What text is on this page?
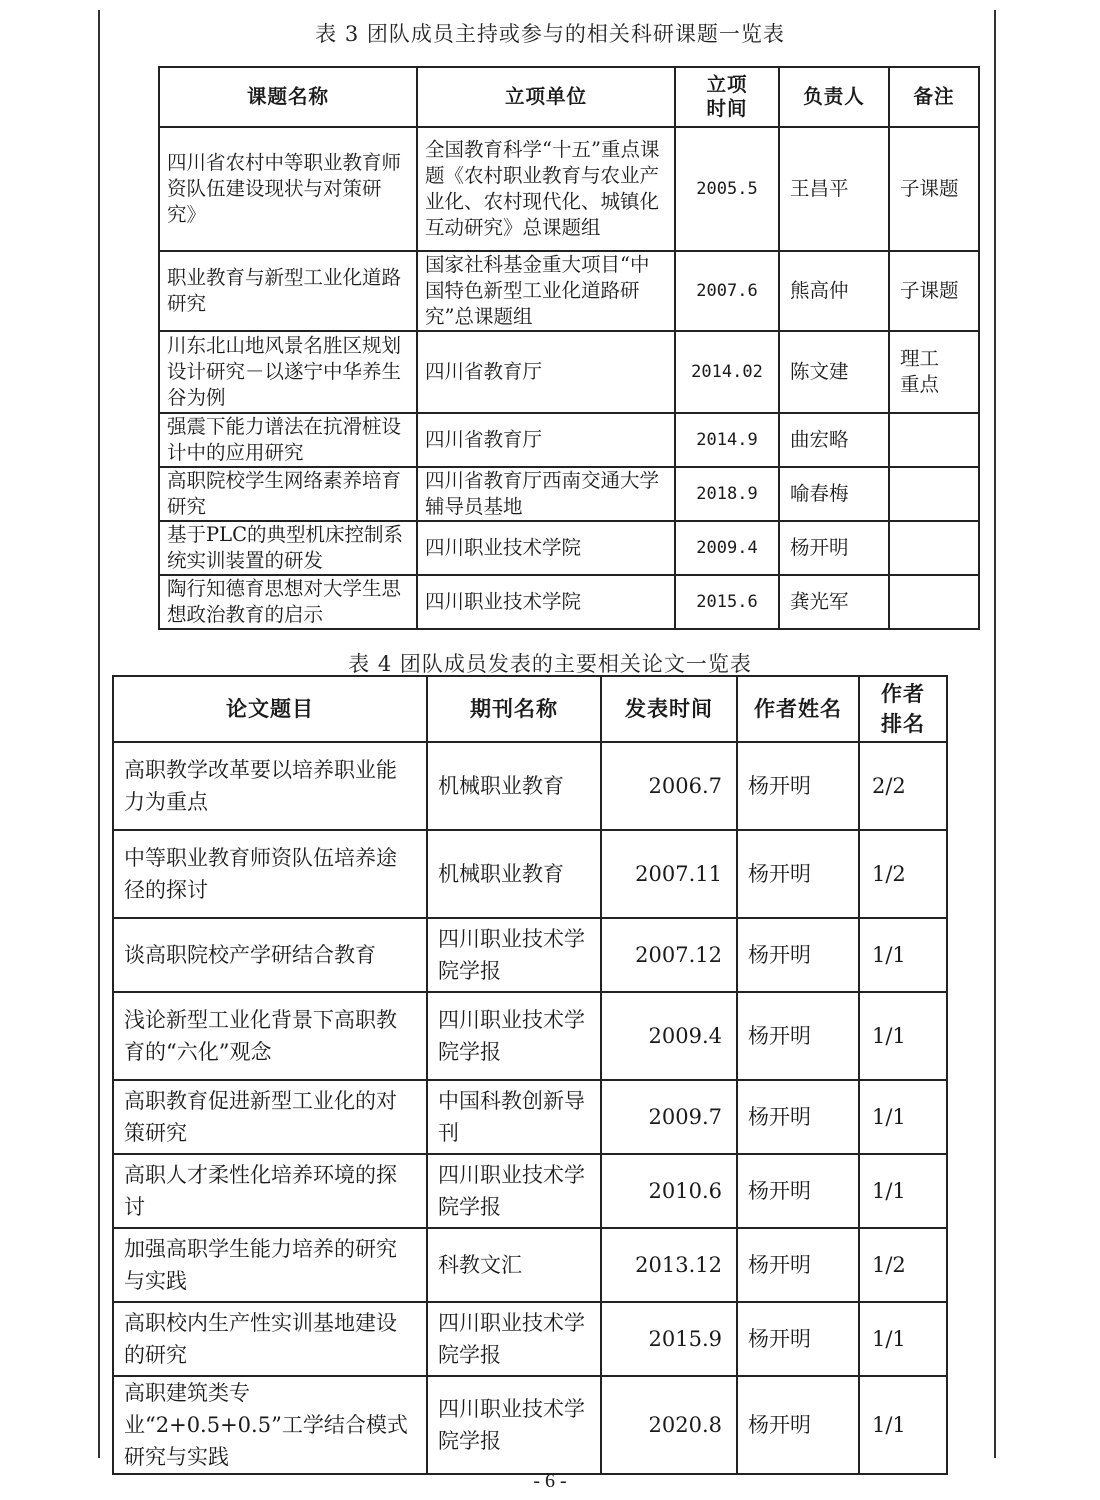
表 3 团队成员主持或参与的相关科研课题一览表
课题名称	立项单位	立项时间	负责人	备注
四川省农村中等职业教育师资队伍建设现状与对策研究》	全国教育科学“十五”重点课题《农村职业教育与农业产业化、农村现代化、城镇化互动研究》总课题组	2005.5	王昌平	子课题
职业教育与新型工业化道路研究	国家社科基金重大项目“中国特色新型工业化道路研究”总课题组	2007.6	熊高仲	子课题
川东北山地风景名胜区规划设计研究－以遂宁中华养生谷为例	四川省教育厅	2014.02	陈文建	理工重点

强震下能力谱法在抗滑桩设计中的应用研究	四川省教育厅	2014.9	曲宏略	
高职院校学生网络素养培育研究	四川省教育厅西南交通大学辅导员基地	2018.9	喻春梅	
基于PLC的典型机床控制系统实训装置的研发	四川职业技术学院	2009.4	杨开明	
陶行知德育思想对大学生思想政治教育的启示	四川职业技术学院	2015.6	龚光军	
表 4 团队成员发表的主要相关论文一览表
论文题目	期刊名称	发表时间	作者姓名	作者排名

高职教学改革要以培养职业能力为重点	机械职业教育	2006.7	杨开明	2/2
中等职业教育师资队伍培养途径的探讨	机械职业教育	2007.11	杨开明	1/2
谈高职院校产学研结合教育	四川职业技术学院学报	2007.12	杨开明	1/1
浅论新型工业化背景下高职教育的“六化”观念	四川职业技术学院学报	2009.4	杨开明	1/1
高职教育促进新型工业化的对策研究	中国科教创新导刊	2009.7	杨开明	1/1
高职人才柔性化培养环境的探讨	四川职业技术学院学报	2010.6	杨开明	1/1
加强高职学生能力培养的研究与实践	科教文汇	2013.12	杨开明	1/2
高职校内生产性实训基地建设的研究	四川职业技术学院学报	2015.9	杨开明	1/1
高职建筑类专业“2+0.5+0.5”工学结合模式研究与实践	四川职业技术学院学报	2020.8	杨开明	1/1
- 6 -
